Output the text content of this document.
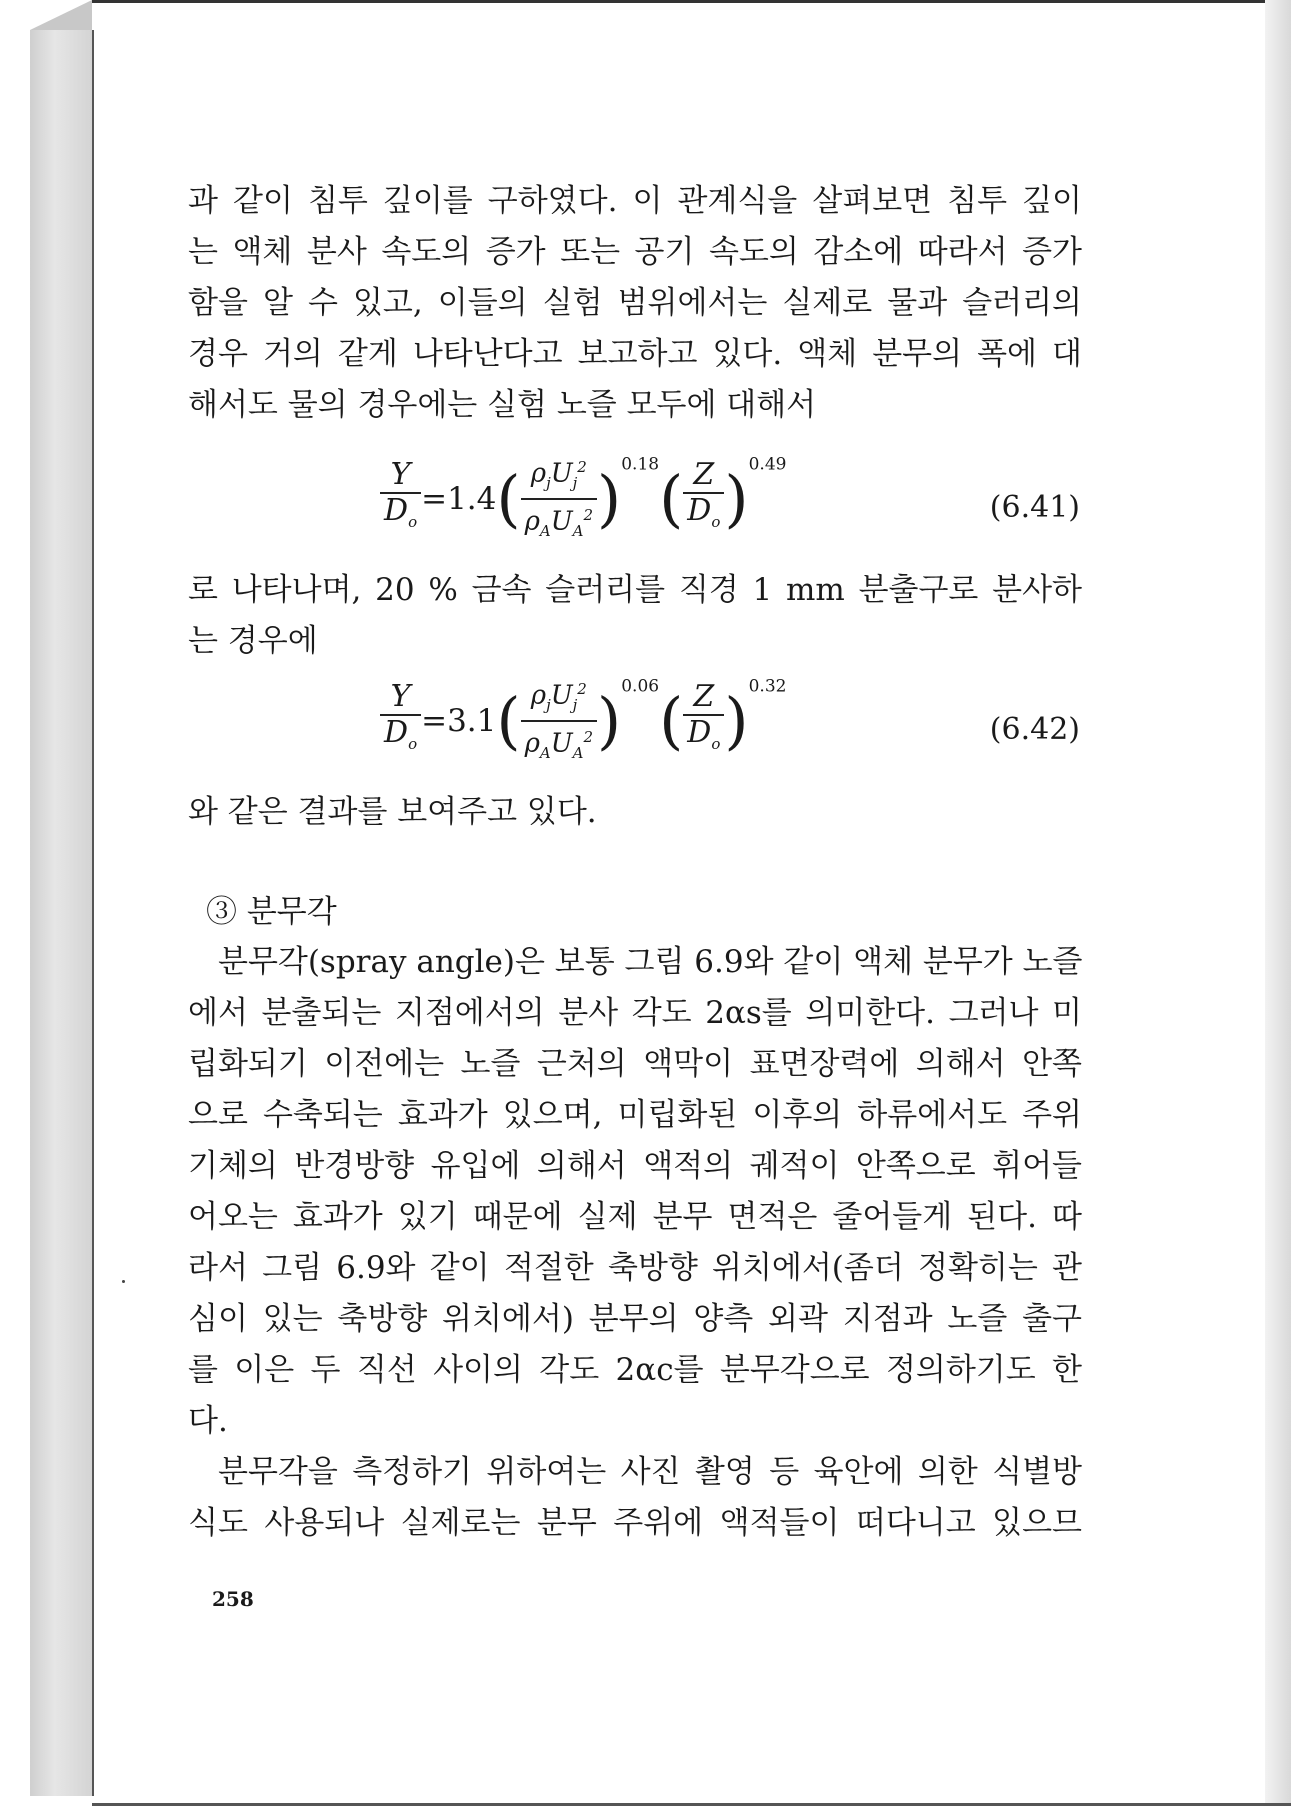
과 같이 침투 깊이를 구하였다. 이 관계식을 살펴보면 침투 깊이
는 액체 분사 속도의 증가 또는 공기 속도의 감소에 따라서 증가
함을 알 수 있고, 이들의 실험 범위에서는 실제로 물과 슬러리의
경우 거의 같게 나타난다고 보고하고 있다. 액체 분무의 폭에 대
해서도 물의 경우에는 실험 노즐 모두에 대해서
$\frac{Y}{D_o} =1.4( \frac{\rho_jU_j^2}{\rho_AU_A^2} )0.18( \frac{Z}{D_o} )0.49$
(6.41)
로 나타나며, 20 % 금속 슬러리를 직경 1 mm 분출구로 분사하
는 경우에
$\frac{Y}{D_o} =3.1( \frac{\rho_jU_j^2}{\rho_AU_A^2} )0.06( \frac{Z}{D_o} )0.32$
(6.42)
와 같은 결과를 보여주고 있다.
③ 분무각
분무각(spray angle)은 보통 그림 6.9와 같이 액체 분무가 노즐
에서 분출되는 지점에서의 분사 각도 2αs를 의미한다. 그러나 미
립화되기 이전에는 노즐 근처의 액막이 표면장력에 의해서 안쪽
으로 수축되는 효과가 있으며, 미립화된 이후의 하류에서도 주위
기체의 반경방향 유입에 의해서 액적의 궤적이 안쪽으로 휘어들
어오는 효과가 있기 때문에 실제 분무 면적은 줄어들게 된다. 따
라서 그림 6.9와 같이 적절한 축방향 위치에서(좀더 정확히는 관
심이 있는 축방향 위치에서) 분무의 양측 외곽 지점과 노즐 출구
를 이은 두 직선 사이의 각도 2αc를 분무각으로 정의하기도 한
다.
분무각을 측정하기 위하여는 사진 촬영 등 육안에 의한 식별방
식도 사용되나 실제로는 분무 주위에 액적들이 떠다니고 있으므
258
